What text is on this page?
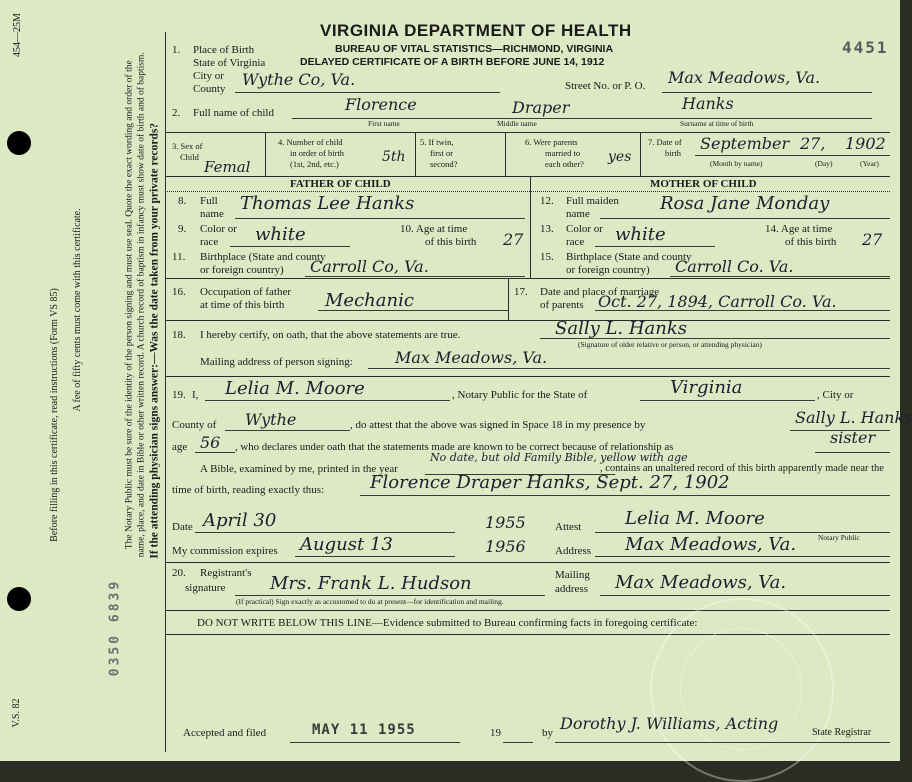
454—25M
Before filling in this certificate, read instructions (Form VS 85) A fee of fifty cents must come with this certificate.	The Notary Public must be sure of the identity of the person signing and must use seal. Quote the exact wording and order of the name, place, and date in Bible or other written record. A church record of baptism in infancy must show date of birth and of baptism. If the attending physician signs answer:—Was the date taken from your private records?
V.S. 82
0350 6839
VIRGINIA DEPARTMENT OF HEALTH
BUREAU OF VITAL STATISTICS—RICHMOND, VIRGINIA
DELAYED CERTIFICATE OF A BIRTH BEFORE JUNE 14, 1912
4451
1. Place of Birth
State of Virginia
City or
County Wythe Co, Va.	Street No. or P. O. Max Meadows, Va.
2. Full name of child	Florence	Draper	Hanks
First name	Middle name	Surname at time of birth
3. Sex of
Child
Femal
4. Number of child
in order of birth
(1st, 2nd, etc.)	5th
5. If twin,
first or
second?
6. Were parents
married to
each other? yes
7. Date of
birth September 27, 1902
(Month by name)	(Day)	(Year)
FATHER OF CHILD	MOTHER OF CHILD
8. Full
name Thomas Lee Hanks
9. Color or
race white	10. Age at time
of this birth 27
11. Birthplace (State and county
or foreign country) Carroll Co, Va.
12. Full maiden
name	Rosa Jane Monday
13. Color or
race white	14. Age at time
of this birth 27
15. Birthplace (State and county
or foreign country) Carroll Co. Va.
16. Occupation of father
at time of this birth Mechanic	17. Date and place of marriage
of parents Oct. 27, 1894, Carroll Co. Va.
18. I hereby certify, on oath, that the above statements are true.	Sally L. Hanks
(Signature of older relative or person, or attending physician)
Mailing address of person signing:	Max Meadows, Va.
19. I, Lelia M. Moore	, Notary Public for the State of	Virginia	, City or
County of Wythe	, do attest that the above was signed in Space 18 in my presence by	Sally L. Hanks
age 56 , who declares under oath that the statements made are known to be correct because of relationship as	sister
A Bible, examined by me, printed in the year
No date, but old Family Bible, yellow with age
, contains an unaltered record of this birth apparently made near the
time of birth, reading exactly thus:	Florence Draper Hanks, Sept. 27, 1902
Date April 30	1955	Attest Lelia M. Moore
Notary Public
My commission expires August 13	1956	Address Max Meadows, Va.
20. Registrant's
signature Mrs. Frank L. Hudson	Mailing
address Max Meadows, Va.
(If practical) Sign exactly as accustomed to do at present—for identification and mailing.
DO NOT WRITE BELOW THIS LINE—Evidence submitted to Bureau confirming facts in foregoing certificate:
Accepted and filed	MAY 11 1955	19	by Dorothy J. Williams, Acting	State Registrar
